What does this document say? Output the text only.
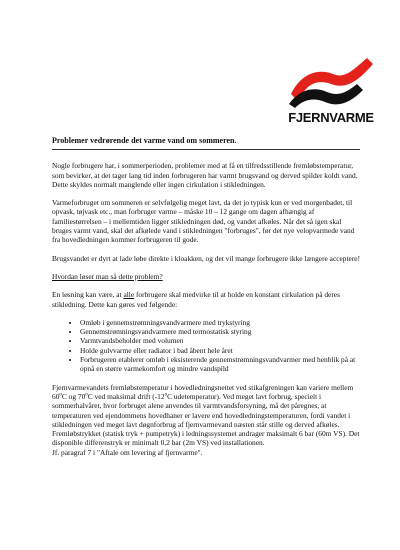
FJERNVARME
Problemer vedrørende det varme vand om sommeren.

Nogle forbrugere har, i sommerperioden, problemer med at få en tilfredsstillende fremløbstemperatur, som bevirker, at det tager lang tid inden forbrugeren har varmt brugsvand og derved spilder koldt vand. Dette skyldes normalt manglende eller ingen cirkulation i stikledningen.

Varmeforbruget om sommeren er selvfølgelig meget lavt, da det jo typisk kun er ved morgenbadet, til opvask, tøjvask etc., man forbruger varme – måske 10 – 12 gange om dagen afhængig af familiestørrelsen – i mellemtiden ligger stikledningen død, og vandet afkøles. Når det så igen skal bruges varmt vand, skal det afkølede vand i stikledningen "forbruges", før det nye velopvarmede vand fra hovedledningen kommer forbrugeren til gode.

Brugsvandet er dyrt at lade løbe direkte i kloakken, og det vil mange forbrugere ikke længere acceptere!

Hvordan løser man så dette problem?

En løsning kan være, at alle forbrugere skal medvirke til at holde en konstant cirkulation på deres stikledning. Dette kan gøres ved følgende:

• Omløb i gennemstrømningsvandvarmere med trykstyring
• Gennemstrømningsvandvarmere med termostatisk styring
• Varmtvandsbeholder med volumen
• Holde gulvvarme eller radiator i bad åbent hele året
• Forbrugeren etablerer omløb i eksisterende gennemstrømningsvandvarmer med henblik på at opnå en større varmekomfort og mindre vandspild

Fjernvarmevandets fremløbstemperatur i hovedledningsnettet ved stikafgreningen kan variere mellem 60$^o$C og 70$^o$C ved maksimal drift (-12$^o$C udetemperatur). Ved meget lavt forbrug, specielt i sommerhalvåret, hvor forbruget alene anvendes til varmtvandsforsyning, må det påregnes, at temperaturen ved ejendommens hovedhaner er lavere end hovedledningstemperaturen, fordi vandet i stikledningen ved meget lavt døgnforbrug af fjernvarmevand næsten står stille og derved afkøles. Fremløbstrykket (statisk tryk + pumpetryk) i ledningssystemet andrager maksimalt 6 bar (60m VS). Det disponible differenstryk er minimalt 0,2 bar (2m VS) ved installationen.

Jf. paragraf 7 i "Aftale om levering af fjernvarme".
